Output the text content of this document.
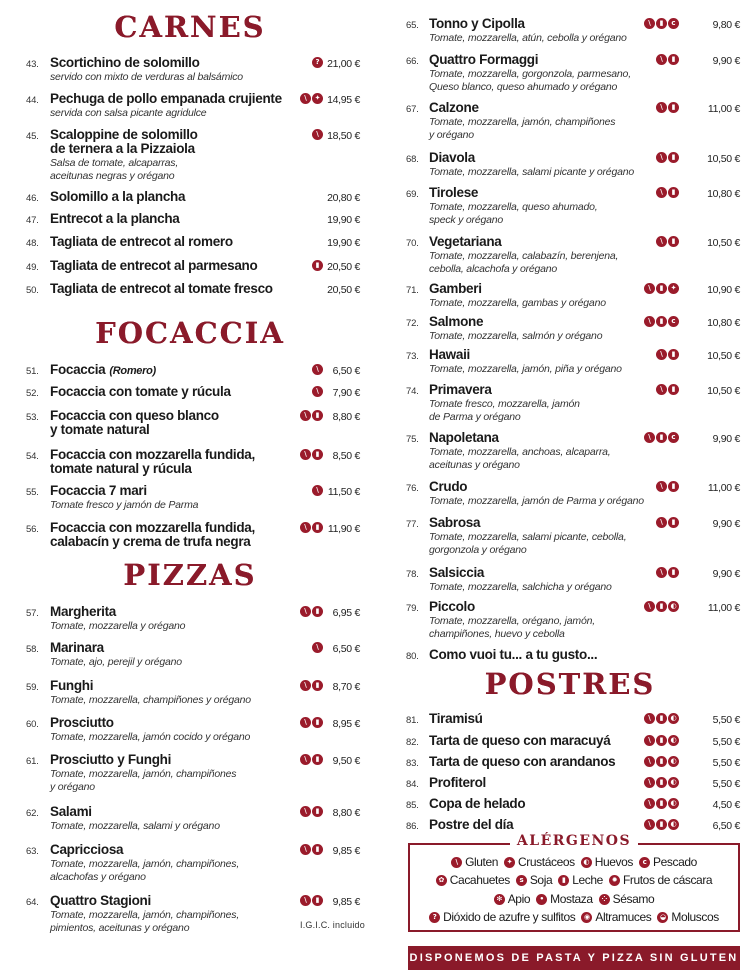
43. Scortichino de solomillo
servido con mixto de verduras al balsámico
? 21,00 €
44. Pechuga de pollo empanada crujiente
servida con salsa picante agridulce
\	✦ 14,95 €
45. Scaloppine de solomillo
de ternera a la Pizzaiola
Salsa de tomate, alcaparras,
aceitunas negras y orégano
\ 18,50 €
46. Solomillo a la plancha	20,80 €
47. Entrecot a la plancha	19,90 €
48. Tagliata de entrecot al romero	19,90 €
49. Tagliata de entrecot al parmesano	▮ 20,50 €
50. Tagliata de entrecot al tomate fresco	20,50 €
51. Focaccia (Romero)	\	6,50 €
52. Focaccia con tomate y rúcula	\	7,90 €
53. Focaccia con queso blanco
y tomate natural
\	▮	8,80 €
54. Focaccia con mozzarella fundida,
tomate natural y rúcula
\	▮	8,50 €
55. Focaccia 7 mari
Tomate fresco y jamón de Parma
\ 11,50 €
56. Focaccia con mozzarella fundida,
calabacín y crema de trufa negra
\	▮ 11,90 €
57. Margherita
Tomate, mozzarella y orégano
\	▮	6,95 €
58. Marinara
Tomate, ajo, perejil y orégano
\	6,50 €
59. Funghi
Tomate, mozzarella, champiñones y orégano
\	▮	8,70 €
60. Prosciutto
Tomate, mozzarella, jamón cocido y orégano
\	▮	8,95 €
61. Prosciutto y Funghi
Tomate, mozzarella, jamón, champiñones
y orégano
\	▮	9,50 €
62. Salami
Tomate, mozzarella, salami y orégano
\	▮	8,80 €
63. Capricciosa
Tomate, mozzarella, jamón, champiñones,
alcachofas y orégano
\	▮	9,85 €
64. Quattro Stagioni
Tomate, mozzarella, jamón, champiñones,
pimientos, aceitunas y orégano
\	▮	9,85 €
65. Tonno y Cipolla
Tomate, mozzarella, atún, cebolla y orégano
\	▮	c	9,80 €
66. Quattro Formaggi
Tomate, mozzarella, gorgonzola, parmesano,
Queso blanco, queso ahumado y orégano
\	▮	9,90 €
67. Calzone
Tomate, mozzarella, jamón, champiñones
y orégano
\	▮	11,00 €
68. Diavola
Tomate, mozzarella, salami picante y orégano
\	▮	10,50 €
69. Tirolese
Tomate, mozzarella, queso ahumado,
speck y orégano
\	▮	10,80 €
70. Vegetariana
Tomate, mozzarella, calabazín, berenjena,
cebolla, alcachofa y orégano
\	▮	10,50 €
71. Gamberi
Tomate, mozzarella, gambas y orégano
\	▮	✦	10,90 €
72. Salmone
Tomate, mozzarella, salmón y orégano
\	▮	c	10,80 €
73. Hawaii
Tomate, mozzarella, jamón, piña y orégano
\	▮	10,50 €
74. Primavera
Tomate fresco, mozzarella, jamón
de Parma y orégano
\	▮	10,50 €
75. Napoletana
Tomate, mozzarella, anchoas, alcaparra,
aceitunas y orégano
\	▮	c	9,90 €
76. Crudo
Tomate, mozzarella, jamón de Parma y orégano
\	▮	11,00 €
77. Sabrosa
Tomate, mozzarella, salami picante, cebolla,
gorgonzola y orégano
\	▮	9,90 €
78. Salsiccia
Tomate, mozzarella, salchicha y orégano
\	▮	9,90 €
79. Piccolo
Tomate, mozzarella, orégano, jamón,
champiñones, huevo y cebolla
\	▮	◐	11,00 €
80. Como vuoi tu... a tu gusto...
81. Tiramisú	\	▮	◐	5,50 €
82. Tarta de queso con maracuyá	\	▮	◐	5,50 €
83. Tarta de queso con arandanos	\	▮	◐	5,50 €
84. Profiterol	\	▮	◐	5,50 €
85. Copa de helado	\	▮	◐	4,50 €
86. Postre del día	\	▮	◐	6,50 €
CARNES
FOCACCIA
PIZZAS
POSTRES
ALÉRGENOS
\ Gluten	✦ Crustáceos	◐ Huevos	c Pescado
✿ Cacahuetes	s Soja	▮ Leche	✹ Frutos de cáscara
✻ Apio	• Mostaza	⁘ Sésamo
? Dióxido de azufre y sulfitos	◉ Altramuces	◒ Moluscos
DISPONEMOS DE PASTA Y PIZZA SIN GLUTEN
I.G.I.C. incluido
